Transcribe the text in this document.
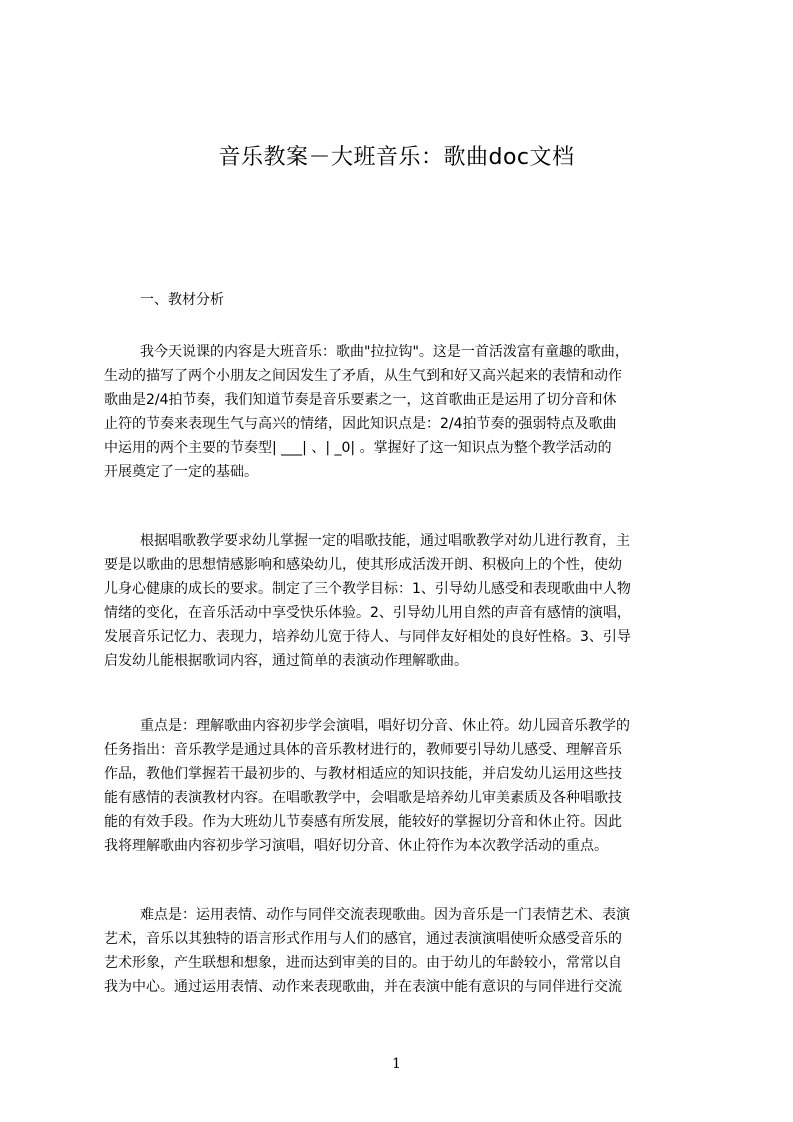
音乐教案－大班音乐：歌曲doc文档
一、教材分析
我今天说课的内容是大班音乐：歌曲"拉拉钩"。这是一首活泼富有童趣的歌曲，
生动的描写了两个小朋友之间因发生了矛盾，从生气到和好又高兴起来的表情和动作
歌曲是2/4拍节奏，我们知道节奏是音乐要素之一，这首歌曲正是运用了切分音和休
止符的节奏来表现生气与高兴的情绪，因此知识点是：2/4拍节奏的强弱特点及歌曲
中运用的两个主要的节奏型| ___| 、| _0| 。掌握好了这一知识点为整个教学活动的
开展奠定了一定的基础。
根据唱歌教学要求幼儿掌握一定的唱歌技能，通过唱歌教学对幼儿进行教育，主
要是以歌曲的思想情感影响和感染幼儿，使其形成活泼开朗、积极向上的个性，使幼
儿身心健康的成长的要求。制定了三个教学目标：1、引导幼儿感受和表现歌曲中人物
情绪的变化，在音乐活动中享受快乐体验。2、引导幼儿用自然的声音有感情的演唱，
发展音乐记忆力、表现力，培养幼儿宽于待人、与同伴友好相处的良好性格。3、引导
启发幼儿能根据歌词内容，通过简单的表演动作理解歌曲。
重点是：理解歌曲内容初步学会演唱，唱好切分音、休止符。幼儿园音乐教学的
任务指出：音乐教学是通过具体的音乐教材进行的，教师要引导幼儿感受、理解音乐
作品，教他们掌握若干最初步的、与教材相适应的知识技能，并启发幼儿运用这些技
能有感情的表演教材内容。在唱歌教学中，会唱歌是培养幼儿审美素质及各种唱歌技
能的有效手段。作为大班幼儿节奏感有所发展，能较好的掌握切分音和休止符。因此
我将理解歌曲内容初步学习演唱，唱好切分音、休止符作为本次教学活动的重点。
难点是：运用表情、动作与同伴交流表现歌曲。因为音乐是一门表情艺术、表演
艺术，音乐以其独特的语言形式作用与人们的感官，通过表演演唱使听众感受音乐的
艺术形象，产生联想和想象，进而达到审美的目的。由于幼儿的年龄较小，常常以自
我为中心。通过运用表情、动作来表现歌曲，并在表演中能有意识的与同伴进行交流
1
